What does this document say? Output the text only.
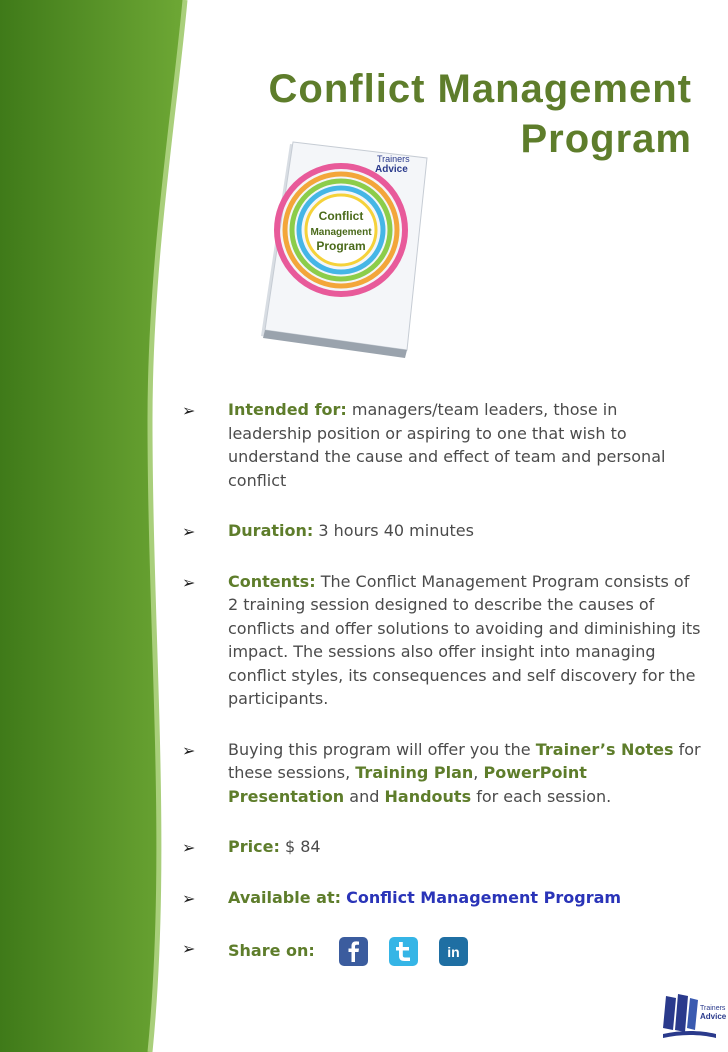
Conflict Management
Program
Trainers
Advice
Conflict
Management
Program
➢ Intended for: managers/team leaders, those in leadership position or aspiring to one that wish to understand the cause and effect of team and personal conflict
➢ Duration: 3 hours 40 minutes
➢ Contents: The Conflict Management Program consists of 2 training session designed to describe the causes of conflicts and offer solutions to avoiding and diminishing its impact. The sessions also offer insight into managing conflict styles, its consequences and self discovery for the participants.
➢ Buying this program will offer you the Trainer’s Notes for these sessions, Training Plan, PowerPoint Presentation and Handouts for each session.
➢ Price: $ 84
➢ Available at: Conflict Management Program
➢ Share on:	in
Trainers
Advice
